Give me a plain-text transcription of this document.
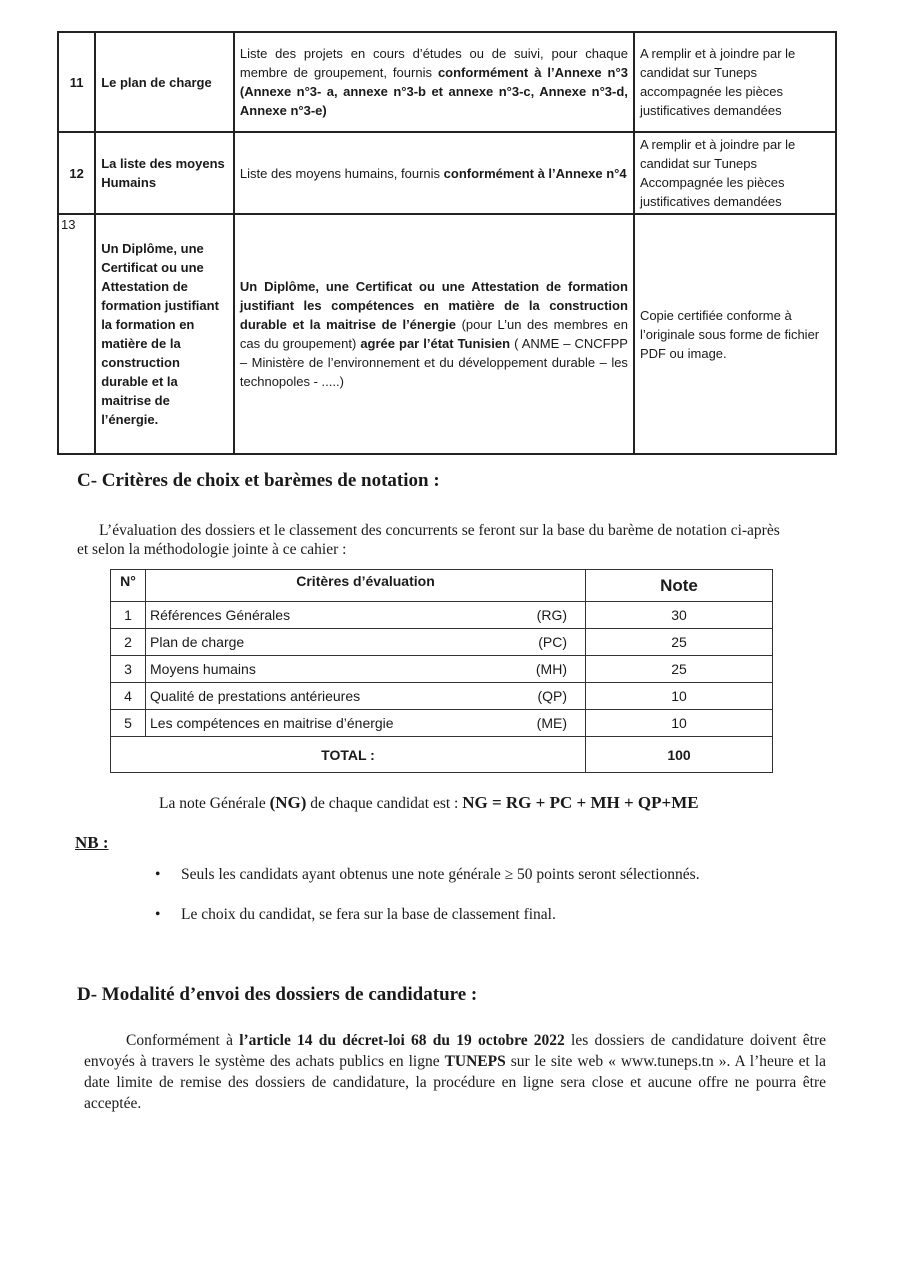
11	Le plan de charge	Liste des projets en cours d’études ou de suivi, pour chaque membre de groupement, fournis conformément à l’Annexe n°3 (Annexe n°3- a, annexe n°3-b et annexe n°3-c, Annexe n°3-d, Annexe n°3-e)	A remplir et à joindre par le candidat sur Tuneps accompagnée les pièces justificatives demandées
12	La liste des moyens Humains	Liste des moyens humains, fournis conformément à l’Annexe n°4	A remplir et à joindre par le candidat sur Tuneps Accompagnée les pièces justificatives demandées
13	Un Diplôme, une Certificat ou une Attestation de formation justifiant la formation en matière de la construction durable et la maitrise de l’énergie.	Un Diplôme, une Certificat ou une Attestation de formation justifiant les compétences en matière de la construction durable et la maitrise de l’énergie (pour L’un des membres en cas du groupement) agrée par l’état Tunisien ( ANME – CNCFPP – Ministère de l’environnement et du développement durable – les technopoles - .....)	Copie certifiée conforme à l’originale sous forme de fichier PDF ou image.
C- Critères de choix et barèmes de notation :

L’évaluation des dossiers et le classement des concurrents se feront sur la base du barème de notation ci-après et selon la méthodologie jointe à ce cahier :

N°	Critères d’évaluation	Note
1	Références Générales (RG)	30
2	Plan de charge (PC)	25
3	Moyens humains (MH)	25
4	Qualité de prestations antérieures (QP)	10
5	Les compétences en maitrise d’énergie (ME)	10
TOTAL :		100
La note Générale (NG) de chaque candidat est : NG = RG + PC + MH + QP+ME
NB :
• Seuls les candidats ayant obtenus une note générale ≥ 50 points seront sélectionnés.
• Le choix du candidat, se fera sur la base de classement final.
D- Modalité d’envoi des dossiers de candidature :

Conformément à l’article 14 du décret-loi 68 du 19 octobre 2022 les dossiers de candidature doivent être envoyés à travers le système des achats publics en ligne TUNEPS sur le site web « www.tuneps.tn ». A l’heure et la date limite de remise des dossiers de candidature, la procédure en ligne sera close et aucune offre ne pourra être acceptée.
